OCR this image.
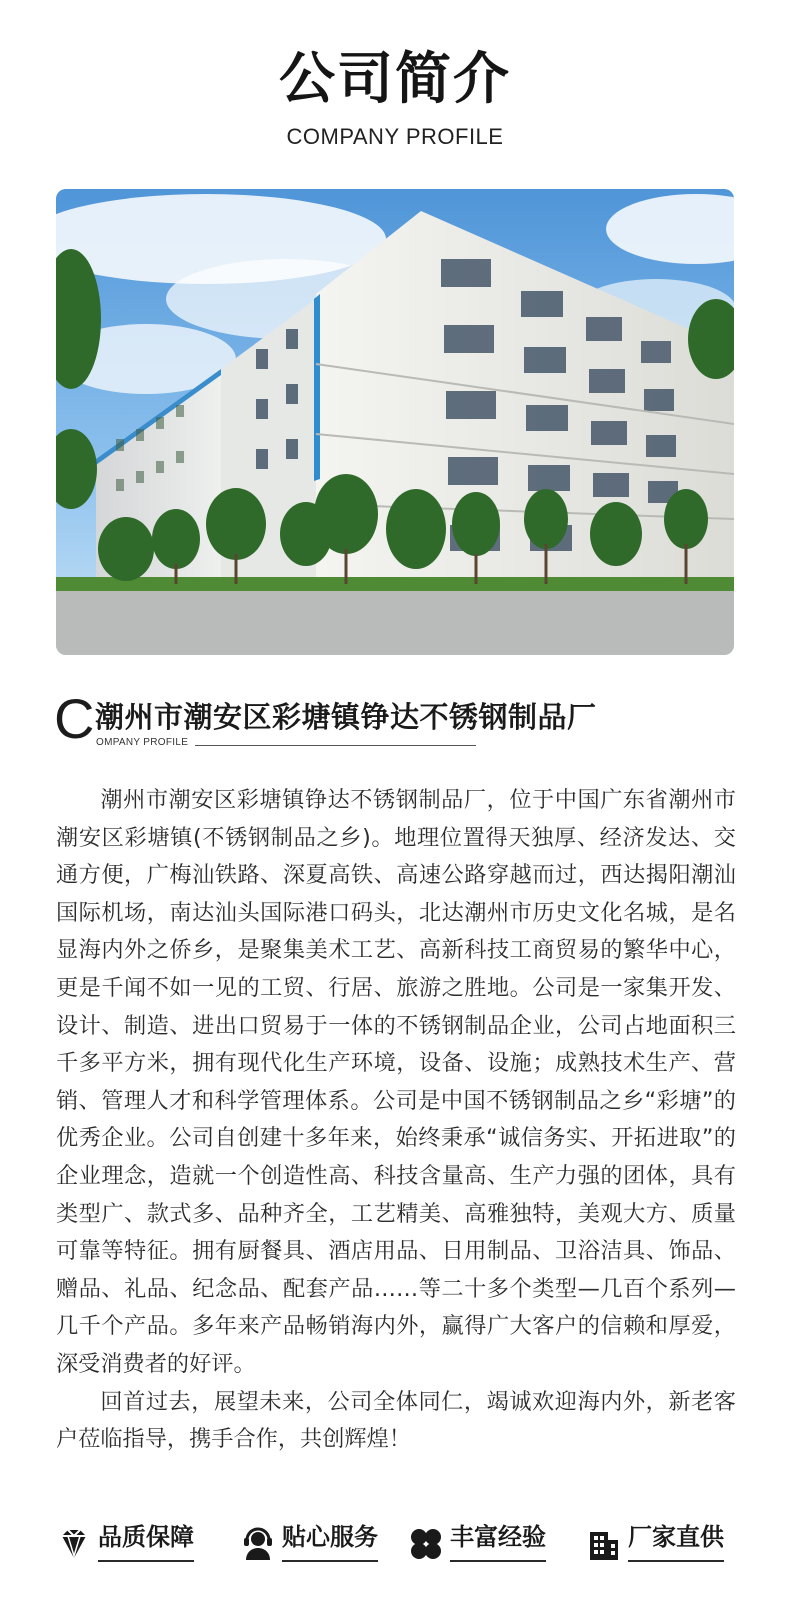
公司简介
COMPANY PROFILE
C 潮州市潮安区彩塘镇铮达不锈钢制品厂
OMPANY PROFILE

潮州市潮安区彩塘镇铮达不锈钢制品厂，位于中国广东省潮州市潮安区彩塘镇(不锈钢制品之乡)。地理位置得天独厚、经济发达、交通方便，广梅汕铁路、深夏高铁、高速公路穿越而过，西达揭阳潮汕国际机场，南达汕头国际港口码头，北达潮州市历史文化名城，是名显海内外之侨乡，是聚集美术工艺、高新科技工商贸易的繁华中心，更是千闻不如一见的工贸、行居、旅游之胜地。公司是一家集开发、设计、制造、进出口贸易于一体的不锈钢制品企业，公司占地面积三千多平方米，拥有现代化生产环境，设备、设施；成熟技术生产、营销、管理人才和科学管理体系。公司是中国不锈钢制品之乡“彩塘”的优秀企业。公司自创建十多年来，始终秉承“诚信务实、开拓进取”的企业理念，造就一个创造性高、科技含量高、生产力强的团体，具有类型广、款式多、品种齐全，工艺精美、高雅独特，美观大方、质量可靠等特征。拥有厨餐具、酒店用品、日用制品、卫浴洁具、饰品、赠品、礼品、纪念品、配套产品……等二十多个类型—几百个系列—几千个产品。多年来产品畅销海内外，赢得广大客户的信赖和厚爱，深受消费者的好评。

回首过去，展望未来，公司全体同仁，竭诚欢迎海内外，新老客户莅临指导，携手合作，共创辉煌！

品质保障	贴心服务	丰富经验	厂家直供
